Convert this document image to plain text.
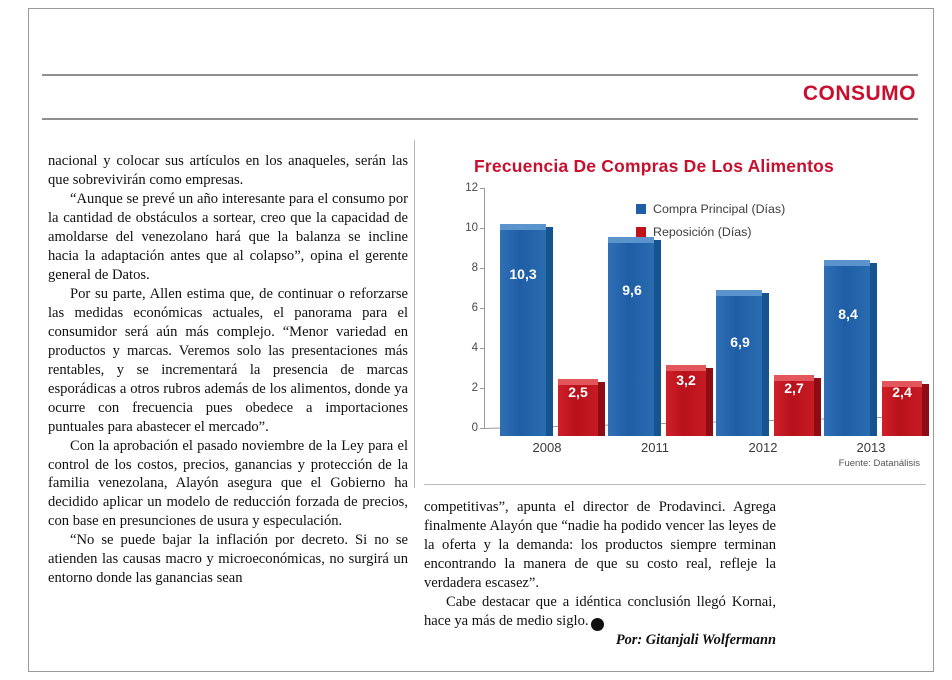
CONSUMO

nacional y colocar sus artículos en los anaqueles, serán las que sobrevivirán como empresas.

“Aunque se prevé un año interesante para el consumo por la cantidad de obstáculos a sortear, creo que la capacidad de amoldarse del venezolano hará que la balanza se incline hacia la adaptación antes que al colapso”, opina el gerente general de Datos.

Por su parte, Allen estima que, de continuar o reforzarse las medidas económicas actuales, el panorama para el consumidor será aún más complejo. “Menor variedad en productos y marcas. Veremos solo las presentaciones más rentables, y se incrementará la presencia de marcas esporádicas a otros rubros además de los alimentos, donde ya ocurre con frecuencia pues obedece a importaciones puntuales para abastecer el mercado”.

Con la aprobación el pasado noviembre de la Ley para el control de los costos, precios, ganancias y protección de la familia venezolana, Alayón asegura que el Gobierno ha decidido aplicar un modelo de reducción forzada de precios, con base en presunciones de usura y especulación.

“No se puede bajar la inflación por decreto. Si no se atienden las causas macro y microeconómicas, no surgirá un entorno donde las ganancias sean

Frecuencia De Compras De Los Alimentos
0
2
4
6
8
10
12
10,3
2,5
9,6
3,2
6,9
2,7
8,4
2,4
2008	2011	2012	2013
Compra Principal (Días)
Reposición (Días)
Fuente: Datanálisis

competitivas”, apunta el director de Prodavinci. Agrega finalmente Alayón que “nadie ha podido vencer las leyes de la oferta y la demanda: los productos siempre terminan encontrando la manera de que su costo real, refleje la verdadera escasez”.

Cabe destacar que a idéntica conclusión llegó Kornai, hace ya más de medio siglo.	G

Por: Gitanjali Wolfermann
